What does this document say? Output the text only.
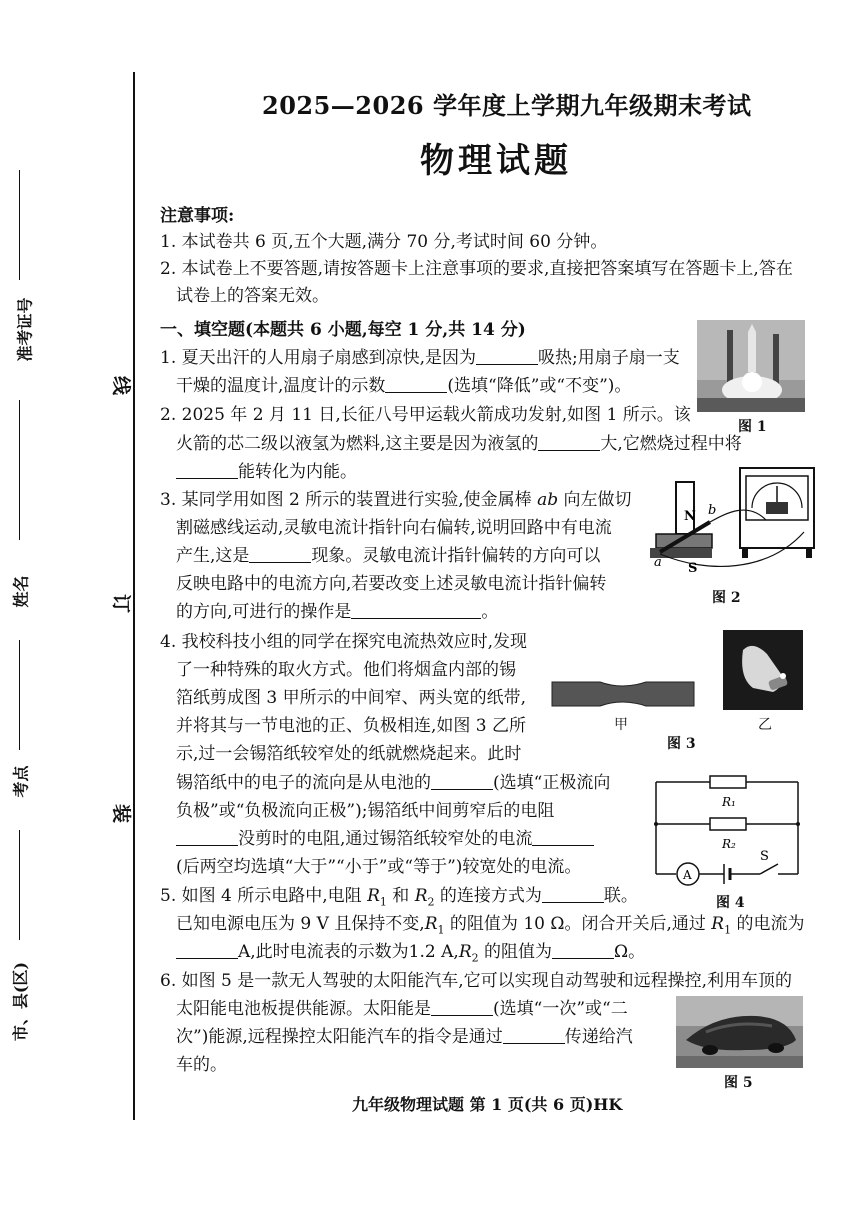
线
订
装
准考证号
姓名
考点
市、县(区)
2025—2026 学年度上学期九年级期末考试
物理试题
注意事项:
1. 本试卷共 6 页,五个大题,满分 70 分,考试时间 60 分钟。
2. 本试卷上不要答题,请按答题卡上注意事项的要求,直接把答案填写在答题卡上,答在
试卷上的答案无效。
一、填空题(本题共 6 小题,每空 1 分,共 14 分)
1. 夏天出汗的人用扇子扇感到凉快,是因为	吸热;用扇子扇一支
干燥的温度计,温度计的示数	(选填“降低”或“不变”)。
2. 2025 年 2 月 11 日,长征八号甲运载火箭成功发射,如图 1 所示。该
火箭的芯二级以液氢为燃料,这主要是因为液氢的	大,它燃烧过程中将
能转化为内能。
3. 某同学用如图 2 所示的装置进行实验,使金属棒 ab 向左做切
割磁感线运动,灵敏电流计指针向右偏转,说明回路中有电流
产生,这是	现象。灵敏电流计指针偏转的方向可以
反映电路中的电流方向,若要改变上述灵敏电流计指针偏转
的方向,可进行的操作是	。
4. 我校科技小组的同学在探究电流热效应时,发现
了一种特殊的取火方式。他们将烟盒内部的锡
箔纸剪成图 3 甲所示的中间窄、两头宽的纸带,
并将其与一节电池的正、负极相连,如图 3 乙所
示,过一会锡箔纸较窄处的纸就燃烧起来。此时
锡箔纸中的电子的流向是从电池的	(选填“正极流向
负极”或“负极流向正极”);锡箔纸中间剪窄后的电阻
没剪时的电阻,通过锡箔纸较窄处的电流
(后两空均选填“大于”“小于”或“等于”)较宽处的电流。
5. 如图 4 所示电路中,电阻 $R_1$ 和 $R_2$ 的连接方式为	联。
已知电源电压为 9 V 且保持不变$,R_1$ 的阻值为 10 Ω。闭合开关后,通过 $R_1$ 的电流为
A,此时电流表的示数为1.2 $A,R_2$ 的阻值为	Ω。
6. 如图 5 是一款无人驾驶的太阳能汽车,它可以实现自动驾驶和远程操控,利用车顶的
太阳能电池板提供能源。太阳能是	(选填“一次”或“二
次”)能源,远程操控太阳能汽车的指令是通过	传递给汽
车的。
图 1
N
S
a
b
图 2
甲	乙
图 3
R₁
R₂
A
S
图 4
图 5
九年级物理试题 第 1 页(共 6 页)HK
